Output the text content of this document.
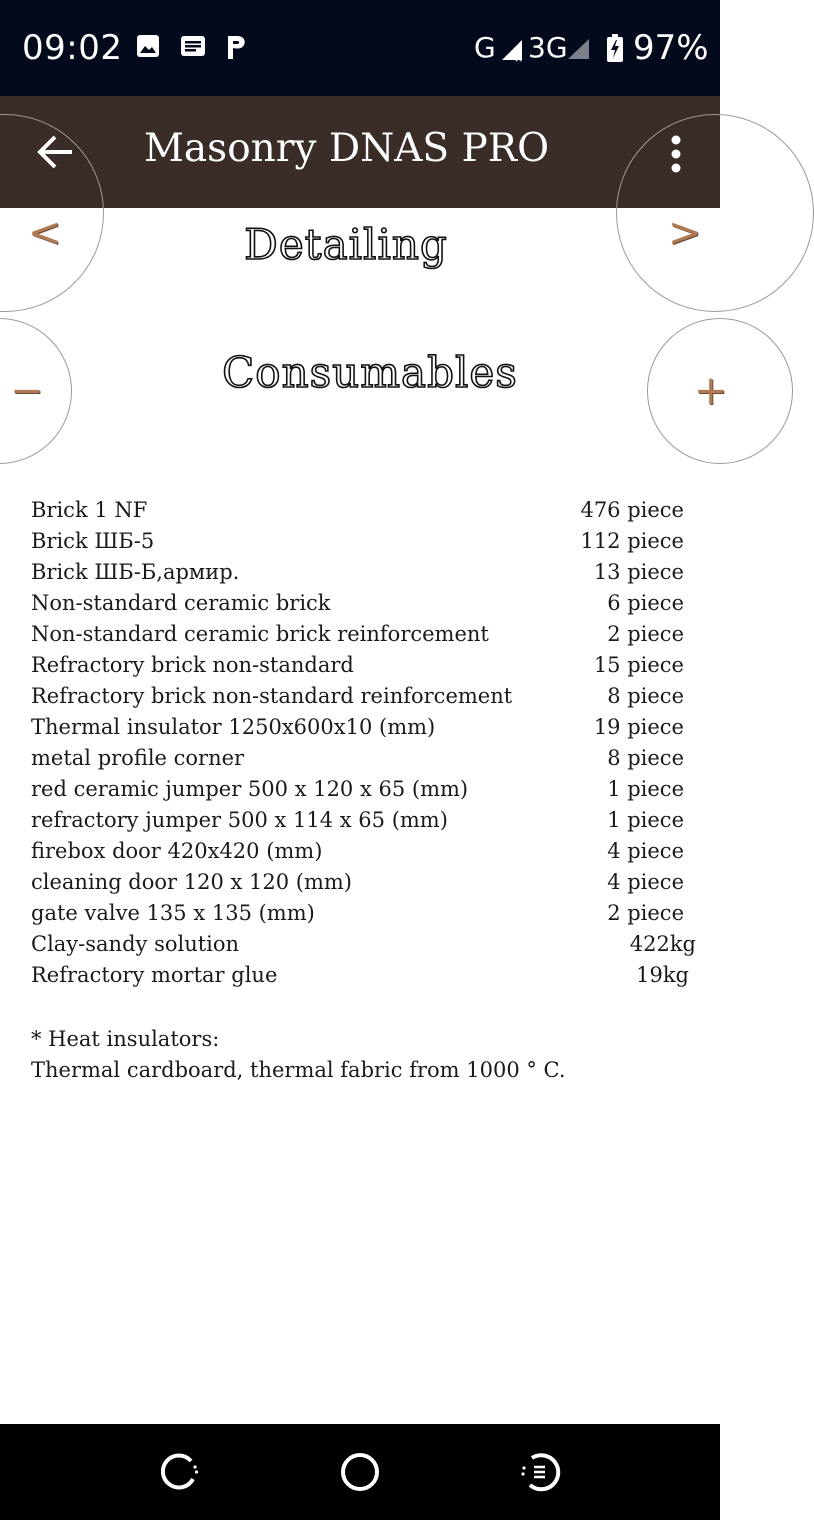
09:02	G × 3G 97%
Masonry DNAS PRO
<	>
−	+
Detailing
Consumables
Brick 1 NF	476 piece
Brick ШБ-5	112 piece
Brick ШБ-Б,армир.	13 piece
Non-standard ceramic brick	6 piece
Non-standard ceramic brick reinforcement	2 piece
Refractory brick non-standard	15 piece
Refractory brick non-standard reinforcement	8 piece
Thermal insulator 1250x600x10 (mm)	19 piece
metal profile corner	8 piece
red ceramic jumper 500 x 120 x 65 (mm)	1 piece
refractory jumper 500 x 114 x 65 (mm)	1 piece
firebox door 420x420 (mm)	4 piece
cleaning door 120 x 120 (mm)	4 piece
gate valve 135 x 135 (mm)	2 piece
Clay-sandy solution	422kg
Refractory mortar glue	19kg
* Heat insulators:
Thermal cardboard, thermal fabric from 1000 ° C.
